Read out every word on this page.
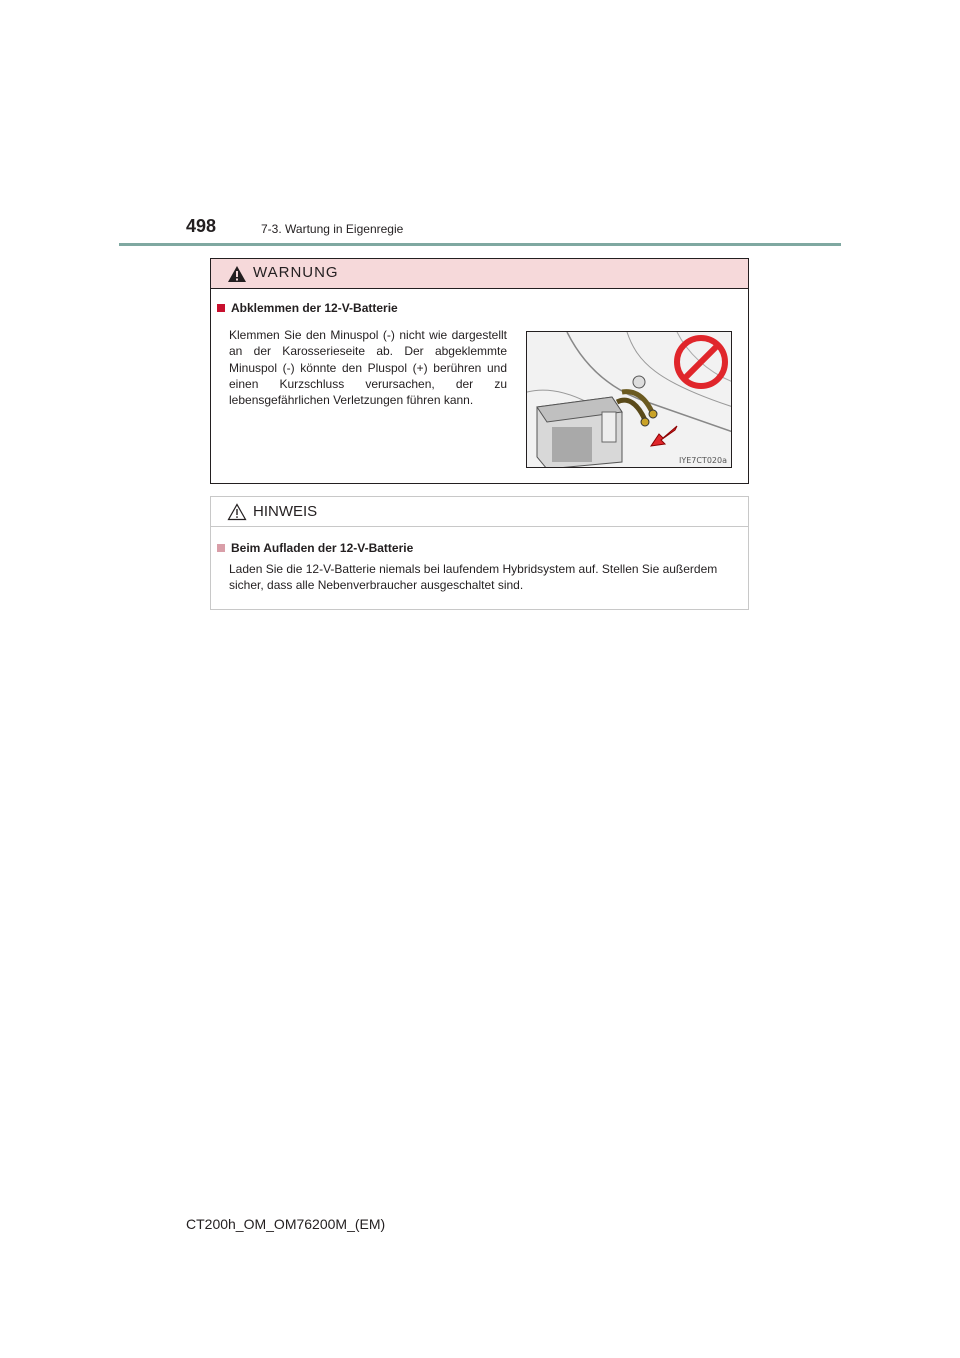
498	7-3. Wartung in Eigenregie
WARNUNG
Abklemmen der 12-V-Batterie
Klemmen Sie den Minuspol (-) nicht wie dargestellt an der Karosserieseite ab. Der abgeklemmte Minuspol (-) könnte den Pluspol (+) berühren und einen Kurzschluss verursachen, der zu lebensgefährlichen Verletzungen führen kann.
IYE7CT020a
HINWEIS
Beim Aufladen der 12-V-Batterie
Laden Sie die 12-V-Batterie niemals bei laufendem Hybridsystem auf. Stellen Sie außerdem sicher, dass alle Nebenverbraucher ausgeschaltet sind.
CT200h_OM_OM76200M_(EM)
